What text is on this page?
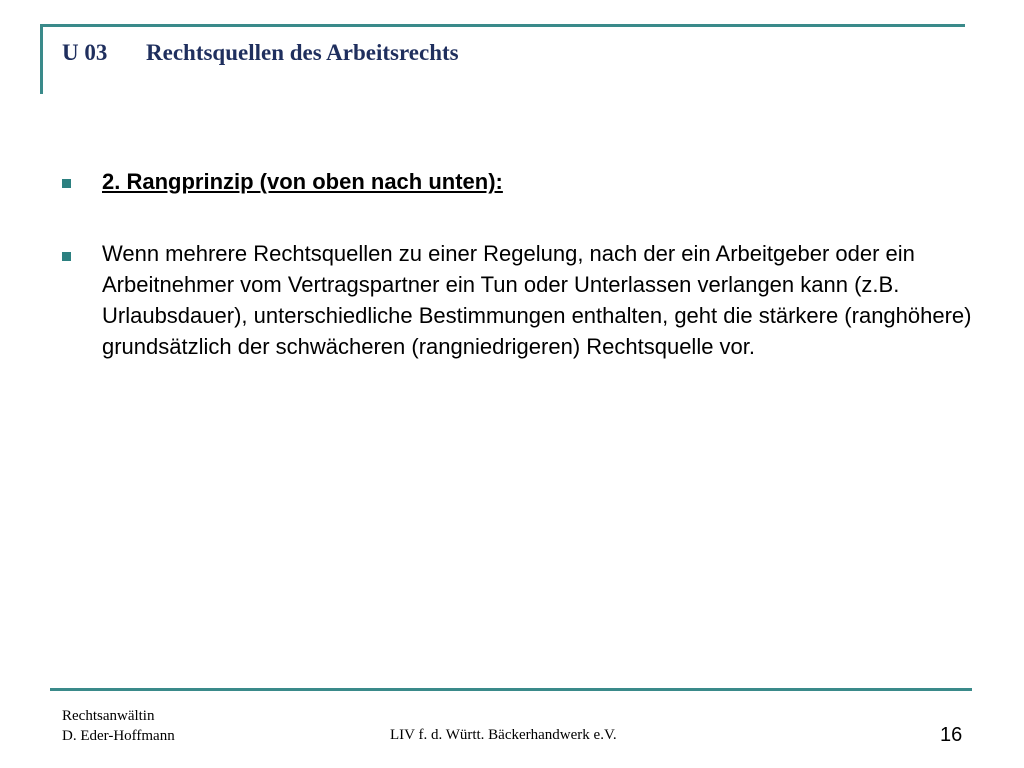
U 03 Rechtsquellen des Arbeitsrechts
2. Rangprinzip (von oben nach unten):
Wenn mehrere Rechtsquellen zu einer Regelung, nach der ein Arbeitgeber oder ein Arbeitnehmer vom Vertragspartner ein Tun oder Unterlassen verlangen kann (z.B. Urlaubsdauer), unterschiedliche Bestimmungen enthalten, geht die stärkere (ranghöhere) grundsätzlich der schwächeren (rangniedrigeren) Rechtsquelle vor.
Rechtsanwältin
D. Eder-Hoffmann	LIV f. d. Württ. Bäckerhandwerk e.V.	16
